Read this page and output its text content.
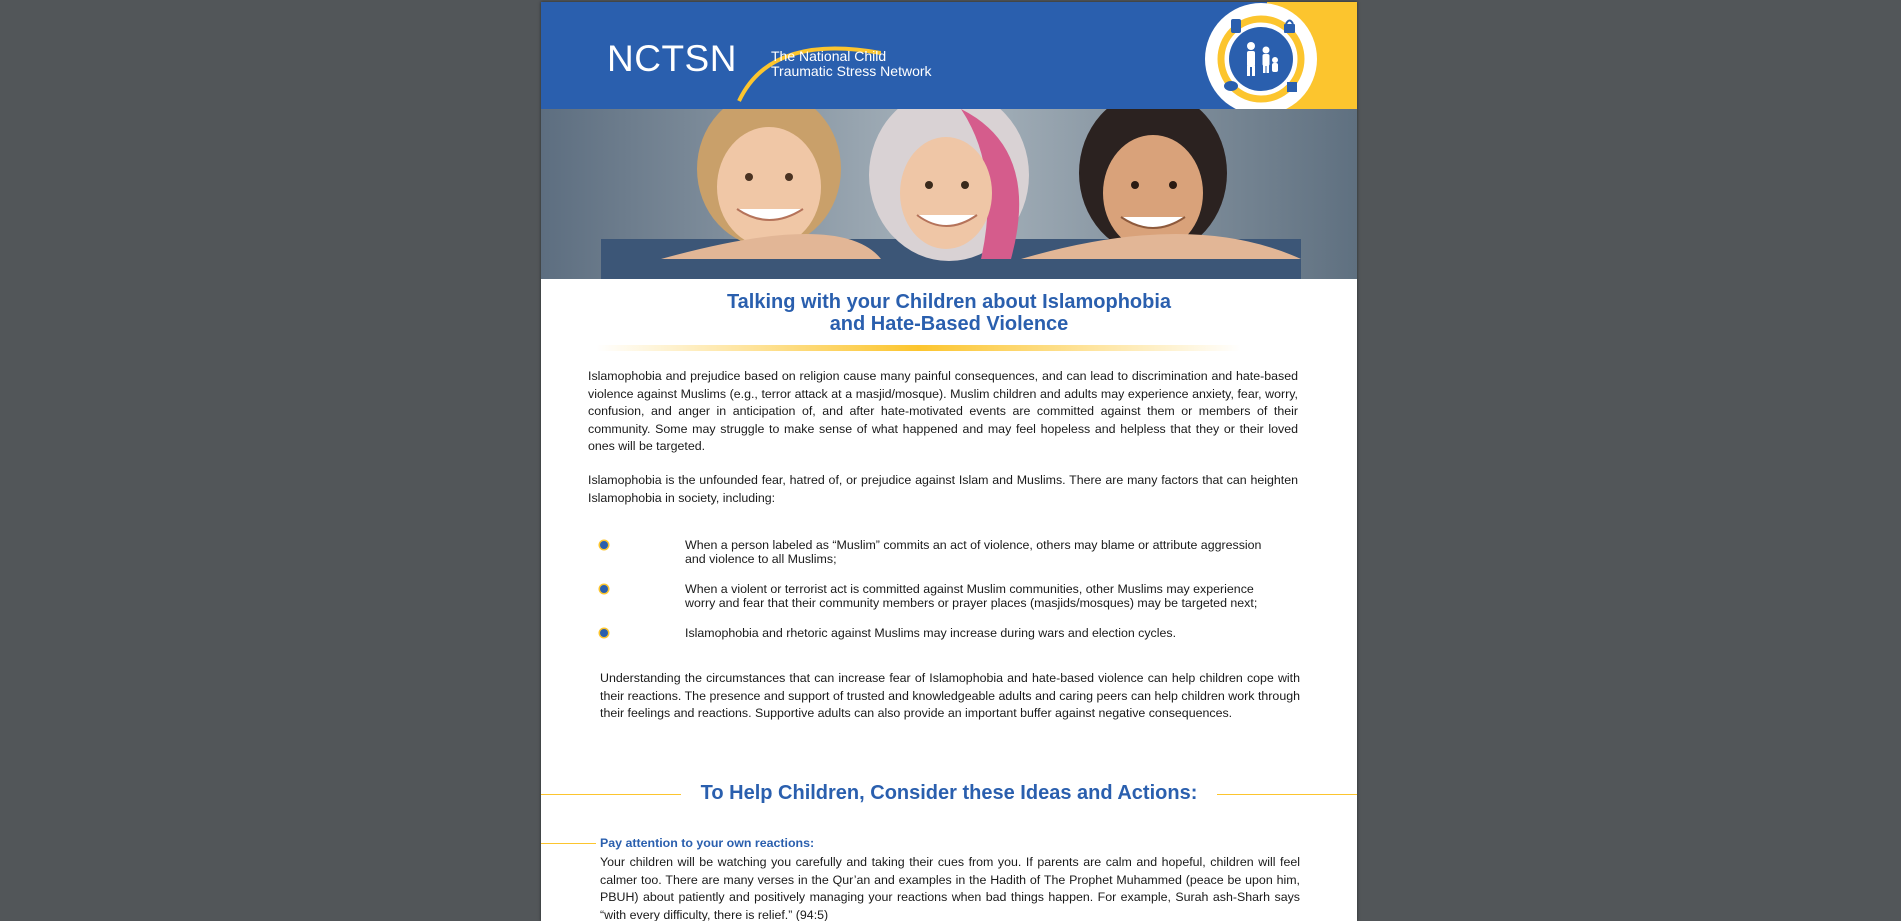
NCTSN The National Child
Traumatic Stress Network
Talking with your Children about Islamophobia
and Hate-Based Violence
Islamophobia and prejudice based on religion cause many painful consequences, and can lead to discrimination and hate-based violence against Muslims (e.g., terror attack at a masjid/mosque). Muslim children and adults may experience anxiety, fear, worry, confusion, and anger in anticipation of, and after hate-motivated events are committed against them or members of their community. Some may struggle to make sense of what happened and may feel hopeless and helpless that they or their loved ones will be targeted.
Islamophobia is the unfounded fear, hatred of, or prejudice against Islam and Muslims. There are many factors that can heighten Islamophobia in society, including:
When a person labeled as “Muslim” commits an act of violence, others may blame or attribute aggression and violence to all Muslims;
When a violent or terrorist act is committed against Muslim communities, other Muslims may experience worry and fear that their community members or prayer places (masjids/mosques) may be targeted next;
Islamophobia and rhetoric against Muslims may increase during wars and election cycles.
Understanding the circumstances that can increase fear of Islamophobia and hate-based violence can help children cope with their reactions. The presence and support of trusted and knowledgeable adults and caring peers can help children work through their feelings and reactions. Supportive adults can also provide an important buffer against negative consequences.
To Help Children, Consider these Ideas and Actions:
Pay attention to your own reactions:
Your children will be watching you carefully and taking their cues from you. If parents are calm and hopeful, children will feel calmer too. There are many verses in the Qur’an and examples in the Hadith of The Prophet Muhammed (peace be upon him, PBUH) about patiently and positively managing your reactions when bad things happen. For example, Surah ash-Sharh says “with every difficulty, there is relief.” (94:5)
